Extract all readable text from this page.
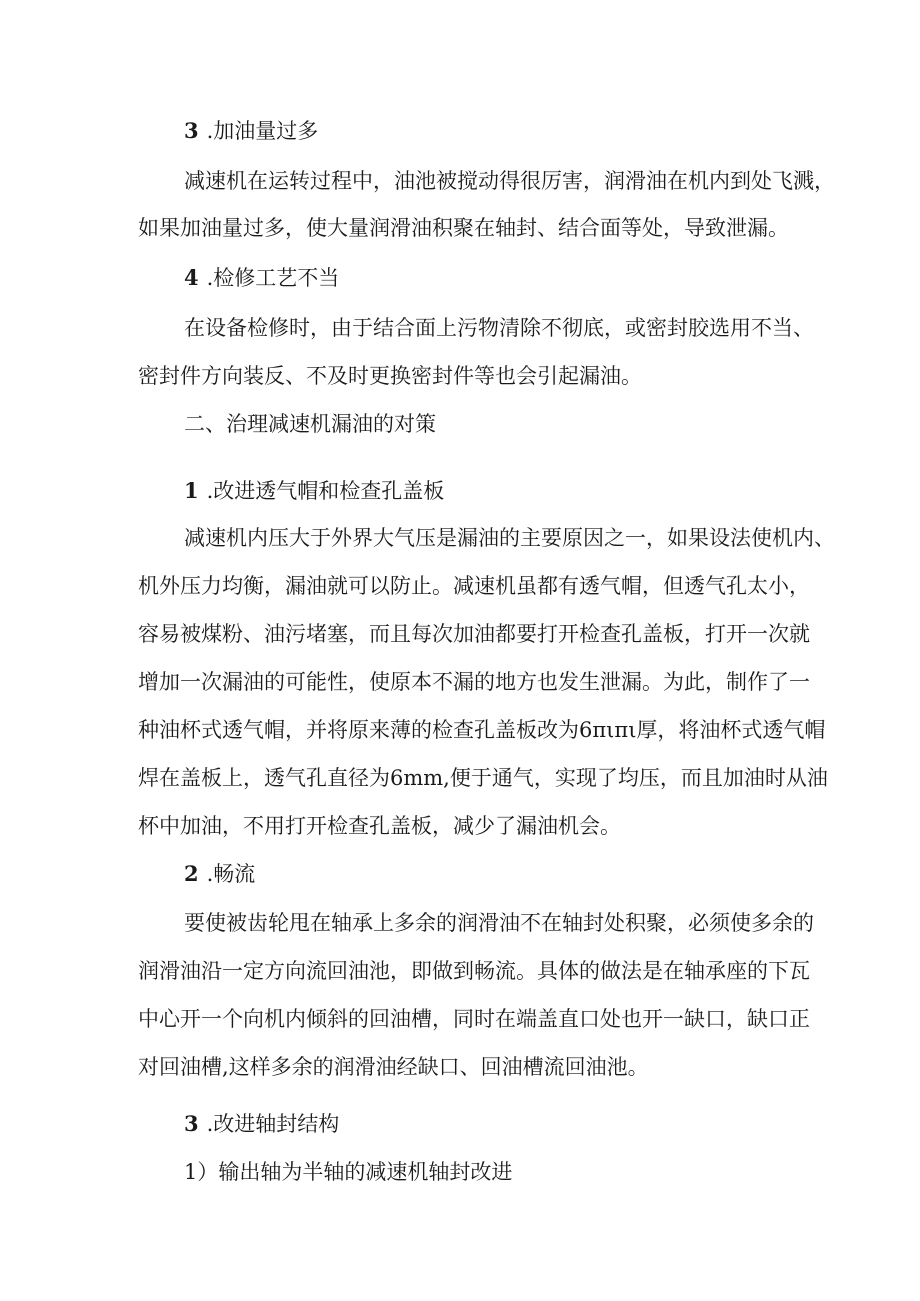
3 .加油量过多
减速机在运转过程中，油池被搅动得很厉害，润滑油在机内到处飞溅，
如果加油量过多，使大量润滑油积聚在轴封、结合面等处，导致泄漏。
4 .检修工艺不当
在设备检修时，由于结合面上污物清除不彻底，或密封胶选用不当、
密封件方向装反、不及时更换密封件等也会引起漏油。
二、治理减速机漏油的对策
1 .改进透气帽和检查孔盖板
减速机内压大于外界大气压是漏油的主要原因之一，如果设法使机内、
机外压力均衡，漏油就可以防止。减速机虽都有透气帽，但透气孔太小，
容易被煤粉、油污堵塞，而且每次加油都要打开检查孔盖板，打开一次就
增加一次漏油的可能性，使原本不漏的地方也发生泄漏。为此，制作了一
种油杯式透气帽，并将原来薄的检查孔盖板改为6πιπι厚，将油杯式透气帽
焊在盖板上，透气孔直径为6mm,便于通气，实现了均压，而且加油时从油
杯中加油，不用打开检查孔盖板，减少了漏油机会。
2 .畅流
要使被齿轮甩在轴承上多余的润滑油不在轴封处积聚，必须使多余的
润滑油沿一定方向流回油池，即做到畅流。具体的做法是在轴承座的下瓦
中心开一个向机内倾斜的回油槽，同时在端盖直口处也开一缺口，缺口正
对回油槽,这样多余的润滑油经缺口、回油槽流回油池。
3 .改进轴封结构
1）输出轴为半轴的减速机轴封改进
